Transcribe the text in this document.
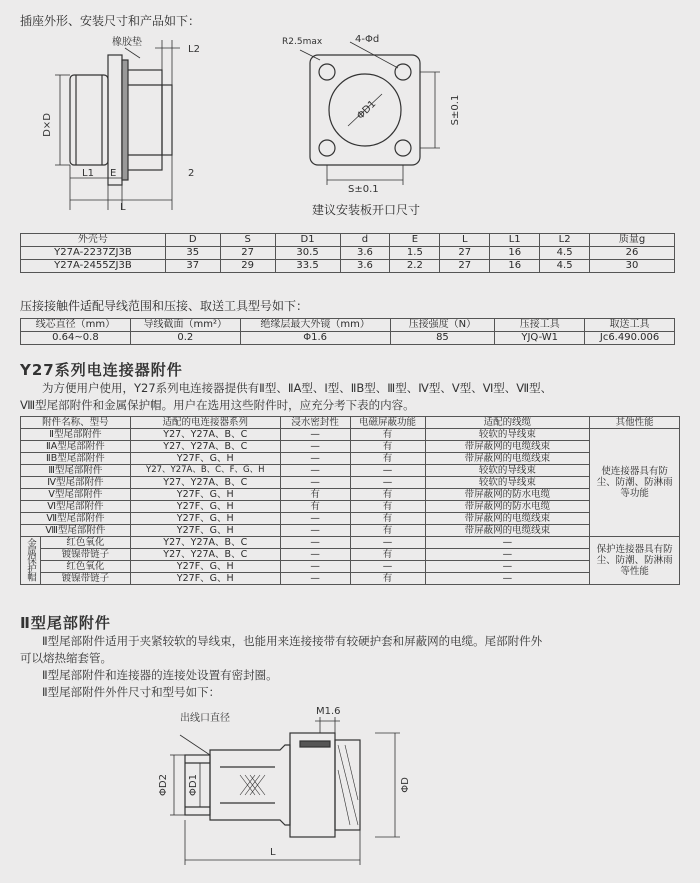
插座外形、安装尺寸和产品如下：
D×D
橡胶垫
L2
L1 E	2
L
R2.5max	4-Φd
ΦD1
S±0.1
S±0.1
建议安装板开口尺寸
外壳号	D	S	D1	d	E	L	L1	L2	质量g
Y27A-2237ZJ3B	35	27	30.5	3.6	1.5	27	16	4.5	26
Y27A-2455ZJ3B	37	29	33.5	3.6	2.2	27	16	4.5	30
压接接触件适配导线范围和压接、取送工具型号如下：
线芯直径（mm）	导线截面（mm²）	绝缘层最大外镜（mm）	压接强度（N）	压接工具	取送工具
0.64~0.8	0.2	Φ1.6	85	YJQ-W1	Jc6.490.006
Y27系列电连接器附件
为方便用户使用，Y27系列电连接器提供有Ⅱ型、ⅡA型、Ⅰ型、ⅡB型、Ⅲ型、Ⅳ型、Ⅴ型、Ⅵ型、Ⅶ型、
Ⅷ型尾部附件和金属保护帽。用户在选用这些附件时，应充分考下表的内容。
附件名称、型号		适配的电连接器系列	浸水密封性	电磁屏蔽功能	适配的线缆	其他性能
Ⅱ型尾部附件		Y27、Y27A、B、C	—	有	较软的导线束	使连接器具有防尘、防潮、防淋雨等功能
ⅡA型尾部附件		Y27、Y27A、B、C	—	有	带屏蔽网的电缆线束	
ⅡB型尾部附件		Y27F、G、H	—	有	带屏蔽网的电缆线束	
Ⅲ型尾部附件		Y27、Y27A、B、C、F、G、H	—	—	较软的导线束	
Ⅳ型尾部附件		Y27、Y27A、B、C	—	—	较软的导线束	
Ⅴ型尾部附件		Y27F、G、H	有	有	带屏蔽网的防水电缆	
Ⅵ型尾部附件		Y27F、G、H	有	有	带屏蔽网的防水电缆	
Ⅶ型尾部附件		Y27F、G、H	—	有	带屏蔽网的电缆线束	
Ⅷ型尾部附件		Y27F、G、H	—	有	带屏蔽网的电缆线束	
金属保护帽	红色氧化	Y27、Y27A、B、C	—	—	—	保护连接器具有防尘、防潮、防淋雨等性能
	镀镍带链子	Y27、Y27A、B、C	—	有	—	
	红色氧化	Y27F、G、H	—	—	—	
	镀镍带链子	Y27F、G、H	—	有	—	
Ⅱ型尾部附件
Ⅱ型尾部附件适用于夹紧较软的导线束，也能用来连接接带有较硬护套和屏蔽网的电缆。尾部附件外
可以熔热缩套管。
Ⅱ型尾部附件和连接器的连接处设置有密封圈。
Ⅱ型尾部附件外件尺寸和型号如下：
出线口直径
M1.6
ΦD2 ΦD1	ΦD
L
